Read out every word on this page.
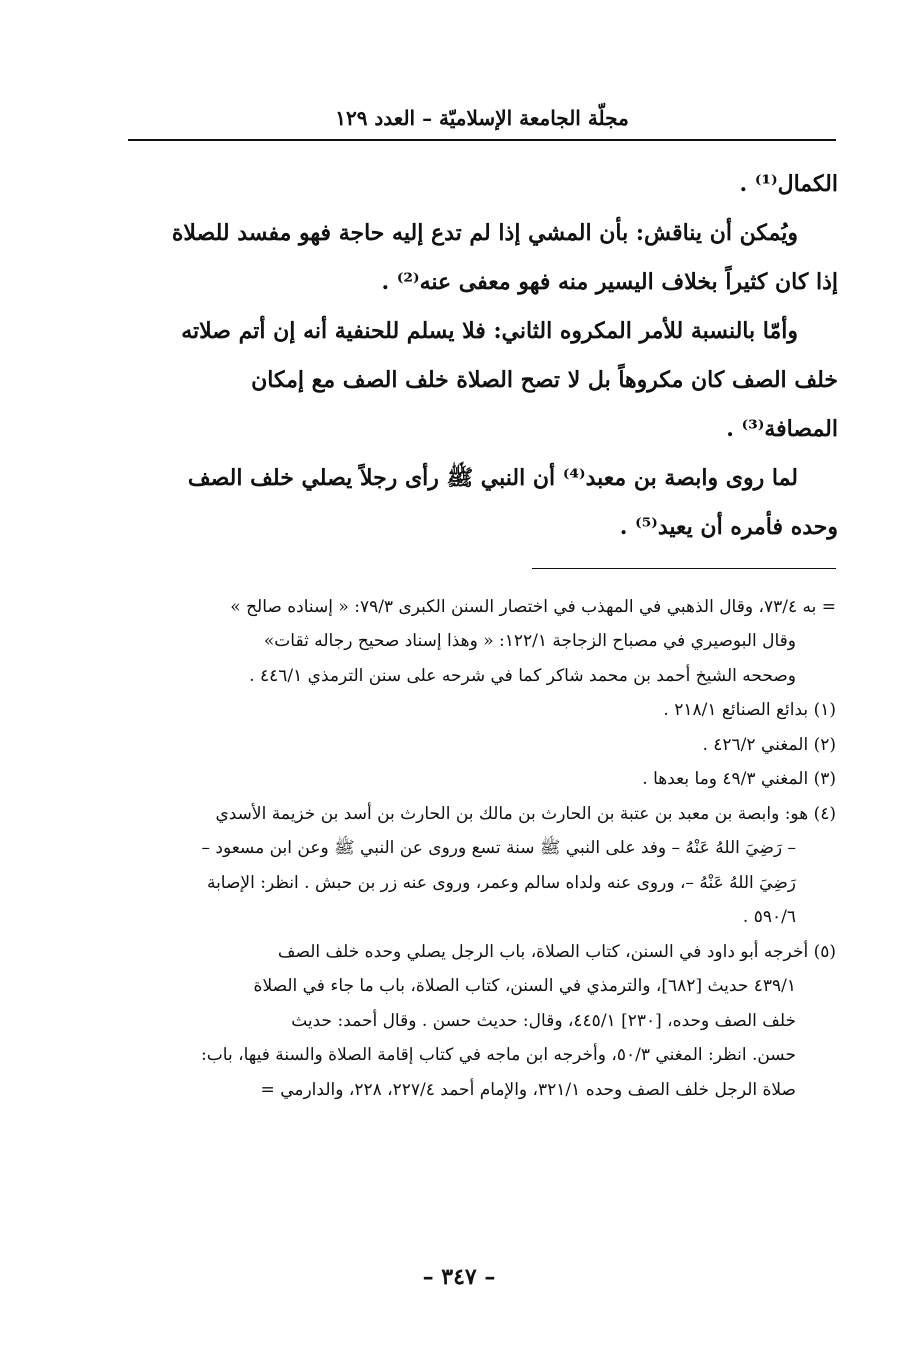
مجلّة الجامعة الإسلاميّة – العدد ١٢٩
الكمال⁽¹⁾ .
ويُمكن أن يناقش: بأن المشي إذا لم تدع إليه حاجة فهو مفسد للصلاة
إذا كان كثيراً بخلاف اليسير منه فهو معفى عنه⁽²⁾ .
وأمّا بالنسبة للأمر المكروه الثاني: فلا يسلم للحنفية أنه إن أتم صلاته
خلف الصف كان مكروهاً بل لا تصح الصلاة خلف الصف مع إمكان
المصافة⁽³⁾ .
لما روى وابصة بن معبد⁽⁴⁾ أن النبي ﷺ رأى رجلاً يصلي خلف الصف
وحده فأمره أن يعيد⁽⁵⁾ .
= به ٧٣/٤، وقال الذهبي في المهذب في اختصار السنن الكبرى ٧٩/٣: « إسناده صالح »
وقال البوصيري في مصباح الزجاجة ١٢٢/١: « وهذا إسناد صحيح رجاله ثقات»
وصححه الشيخ أحمد بن محمد شاكر كما في شرحه على سنن الترمذي ٤٤٦/١ .
(١) بدائع الصنائع ٢١٨/١ .
(٢) المغني ٤٢٦/٢ .
(٣) المغني ٤٩/٣ وما بعدها .
(٤) هو: وابصة بن معبد بن عتبة بن الحارث بن مالك بن الحارث بن أسد بن خزيمة الأسدي
– رَضِيَ اللهُ عَنْهُ – وفد على النبي ﷺ سنة تسع وروى عن النبي ﷺ وعن ابن مسعود –
رَضِيَ اللهُ عَنْهُ –، وروى عنه ولداه سالم وعمر، وروى عنه زر بن حبش . انظر: الإصابة
٥٩٠/٦ .
(٥) أخرجه أبو داود في السنن، كتاب الصلاة، باب الرجل يصلي وحده خلف الصف
٤٣٩/١ حديث [٦٨٢]، والترمذي في السنن، كتاب الصلاة، باب ما جاء في الصلاة
خلف الصف وحده، [٢٣٠] ٤٤٥/١، وقال: حديث حسن . وقال أحمد: حديث
حسن. انظر: المغني ٥٠/٣، وأخرجه ابن ماجه في كتاب إقامة الصلاة والسنة فيها، باب:
صلاة الرجل خلف الصف وحده ٣٢١/١، والإمام أحمد ٢٢٧/٤، ٢٢٨، والدارمي =
– ٣٤٧ –
